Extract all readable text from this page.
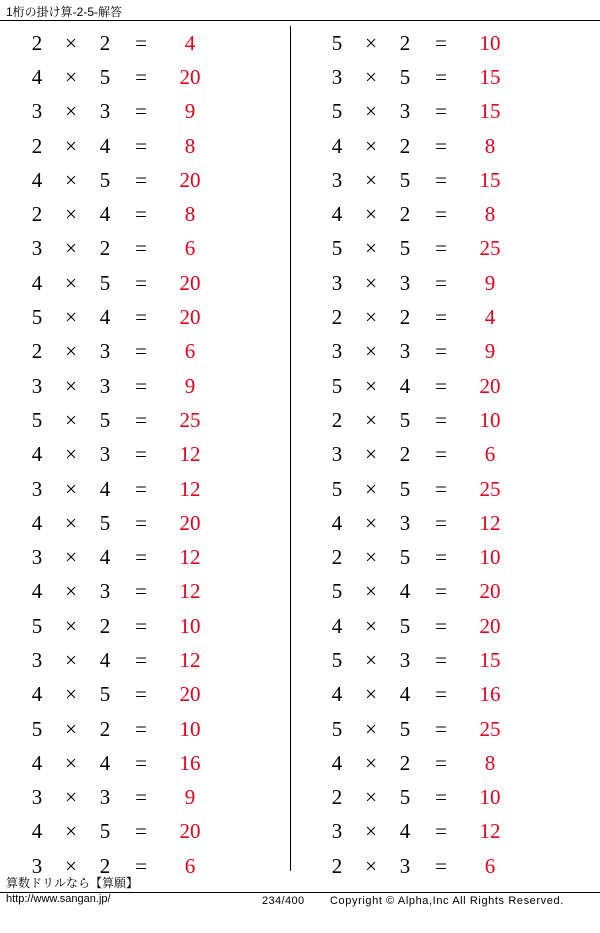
1桁の掛け算-2-5-解答
2	×	2	=	4
4	×	5	=	20
3	×	3	=	9
2	×	4	=	8
4	×	5	=	20
2	×	4	=	8
3	×	2	=	6
4	×	5	=	20
5	×	4	=	20
2	×	3	=	6
3	×	3	=	9
5	×	5	=	25
4	×	3	=	12
3	×	4	=	12
4	×	5	=	20
3	×	4	=	12
4	×	3	=	12
5	×	2	=	10
3	×	4	=	12
4	×	5	=	20
5	×	2	=	10
4	×	4	=	16
3	×	3	=	9
4	×	5	=	20
3	×	2	=	6
5	×	2	=	10
3	×	5	=	15
5	×	3	=	15
4	×	2	=	8
3	×	5	=	15
4	×	2	=	8
5	×	5	=	25
3	×	3	=	9
2	×	2	=	4
3	×	3	=	9
5	×	4	=	20
2	×	5	=	10
3	×	2	=	6
5	×	5	=	25
4	×	3	=	12
2	×	5	=	10
5	×	4	=	20
4	×	5	=	20
5	×	3	=	15
4	×	4	=	16
5	×	5	=	25
4	×	2	=	8
2	×	5	=	10
3	×	4	=	12
2	×	3	=	6
算数ドリルなら【算願】
http://www.sangan.jp/	234/400 Copyright © Alpha,Inc All Rights Reserved.
